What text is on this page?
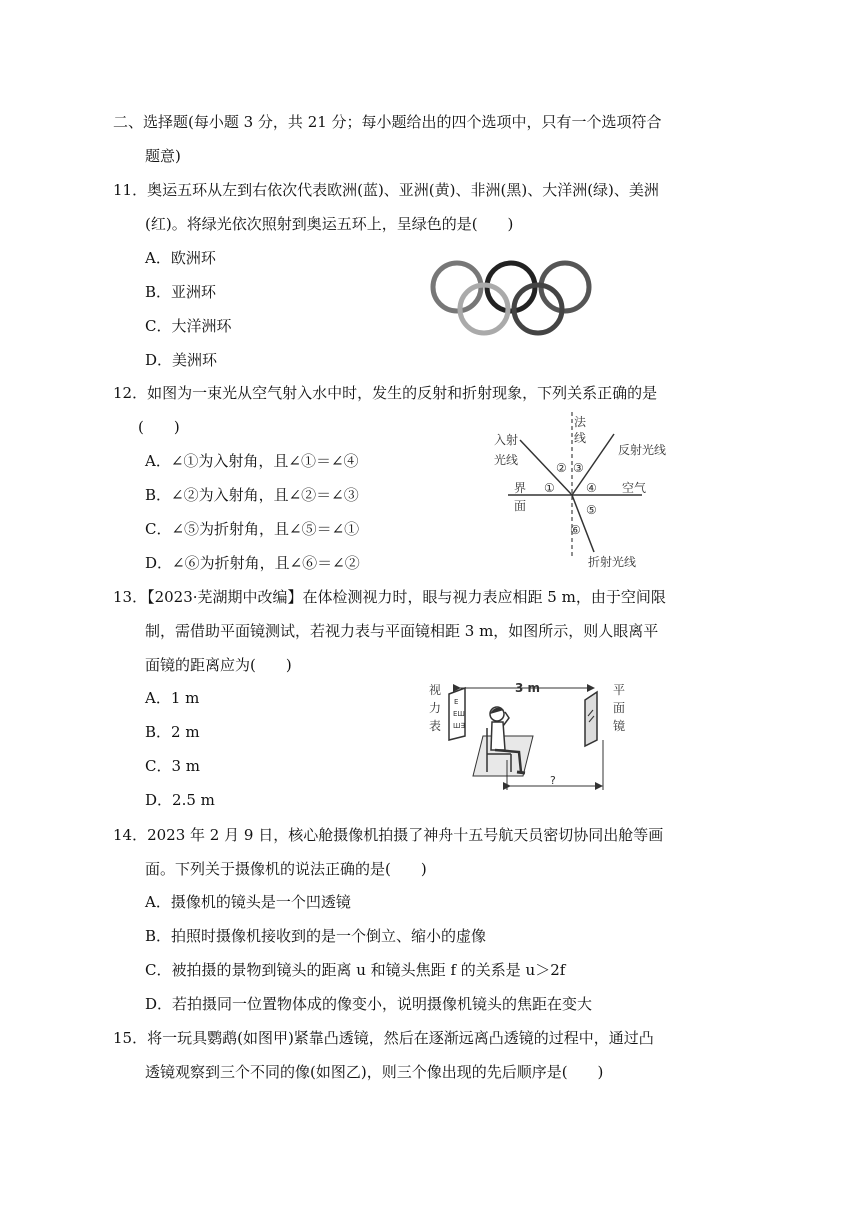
二、选择题(每小题 3 分，共 21 分；每小题给出的四个选项中，只有一个选项符合
题意)
11．奥运五环从左到右依次代表欧洲(蓝)、亚洲(黄)、非洲(黑)、大洋洲(绿)、美洲
(红)。将绿光依次照射到奥运五环上，呈绿色的是(　　)
A．欧洲环
B．亚洲环
C．大洋洲环
D．美洲环
12．如图为一束光从空气射入水中时，发生的反射和折射现象，下列关系正确的是
(　　)
A．∠①为入射角，且∠①＝∠④
B．∠②为入射角，且∠②＝∠③
C．∠⑤为折射角，且∠⑤＝∠①
D．∠⑥为折射角，且∠⑥＝∠②
法
线
入射
光线
反射光线
界
面
空气
折射光线
①
② ③
④
⑤
⑥
13．【2023·芜湖期中改编】在体检测视力时，眼与视力表应相距 5 m，由于空间限
制，需借助平面镜测试，若视力表与平面镜相距 3 m，如图所示，则人眼离平
面镜的距离应为(　　)
A．1 m
B．2 m
C．3 m
D．2.5 m
视
力
表
平
面
镜
3 m
E
ЕШ
Ш∃
?
14．2023 年 2 月 9 日，核心舱摄像机拍摄了神舟十五号航天员密切协同出舱等画
面。下列关于摄像机的说法正确的是(　　)
A．摄像机的镜头是一个凹透镜
B．拍照时摄像机接收到的是一个倒立、缩小的虚像
C．被拍摄的景物到镜头的距离 u 和镜头焦距 f 的关系是 u＞2f
D．若拍摄同一位置物体成的像变小，说明摄像机镜头的焦距在变大
15．将一玩具鹦鹉(如图甲)紧靠凸透镜，然后在逐渐远离凸透镜的过程中，通过凸
透镜观察到三个不同的像(如图乙)，则三个像出现的先后顺序是(　　)
